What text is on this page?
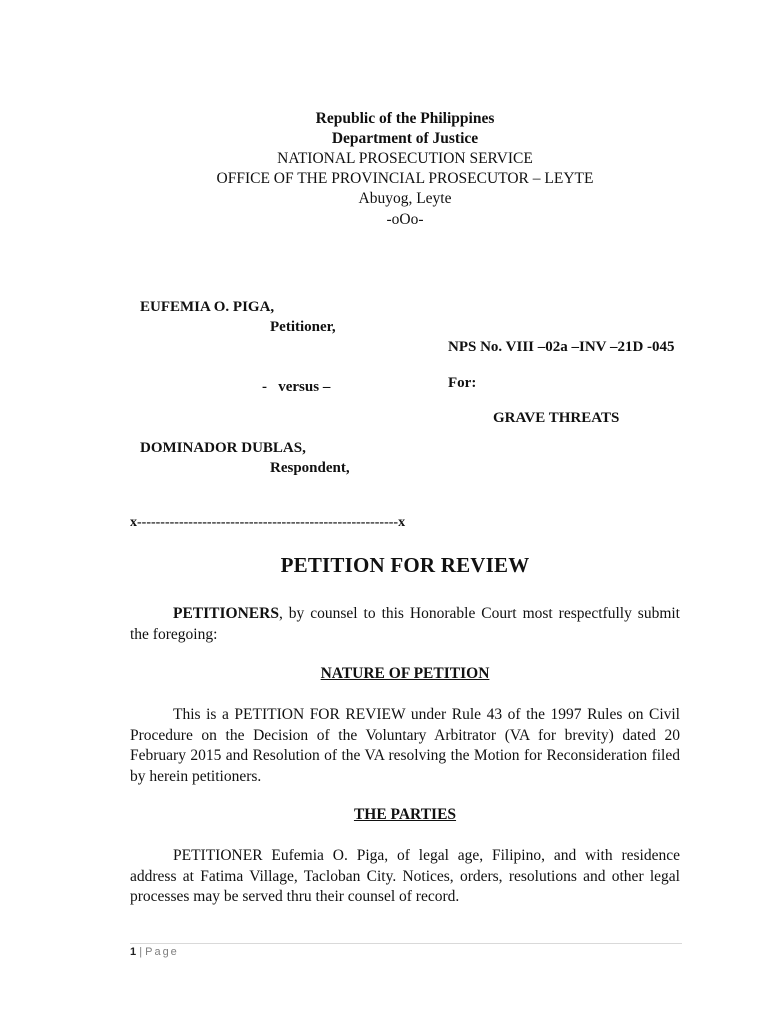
Republic of the Philippines
Department of Justice
NATIONAL PROSECUTION SERVICE
OFFICE OF THE PROVINCIAL PROSECUTOR – LEYTE
Abuyog, Leyte
-oOo-
EUFEMIA O. PIGA,
Petitioner,
NPS No. VIII –02a –INV –21D -045
-   versus –	For:
GRAVE THREATS
DOMINADOR DUBLAS,
Respondent,
x--------------------------------------------------------x
PETITION FOR REVIEW
PETITIONERS, by counsel to this Honorable Court most respectfully submit the foregoing:
NATURE OF PETITION
This is a PETITION FOR REVIEW under Rule 43 of the 1997 Rules on Civil Procedure on the Decision of the Voluntary Arbitrator (VA for brevity) dated 20 February 2015 and Resolution of the VA resolving the Motion for Reconsideration filed by herein petitioners.
THE PARTIES
PETITIONER Eufemia O. Piga, of legal age, Filipino, and with residence address at Fatima Village, Tacloban City. Notices, orders, resolutions and other legal processes may be served thru their counsel of record.
1 | Page
